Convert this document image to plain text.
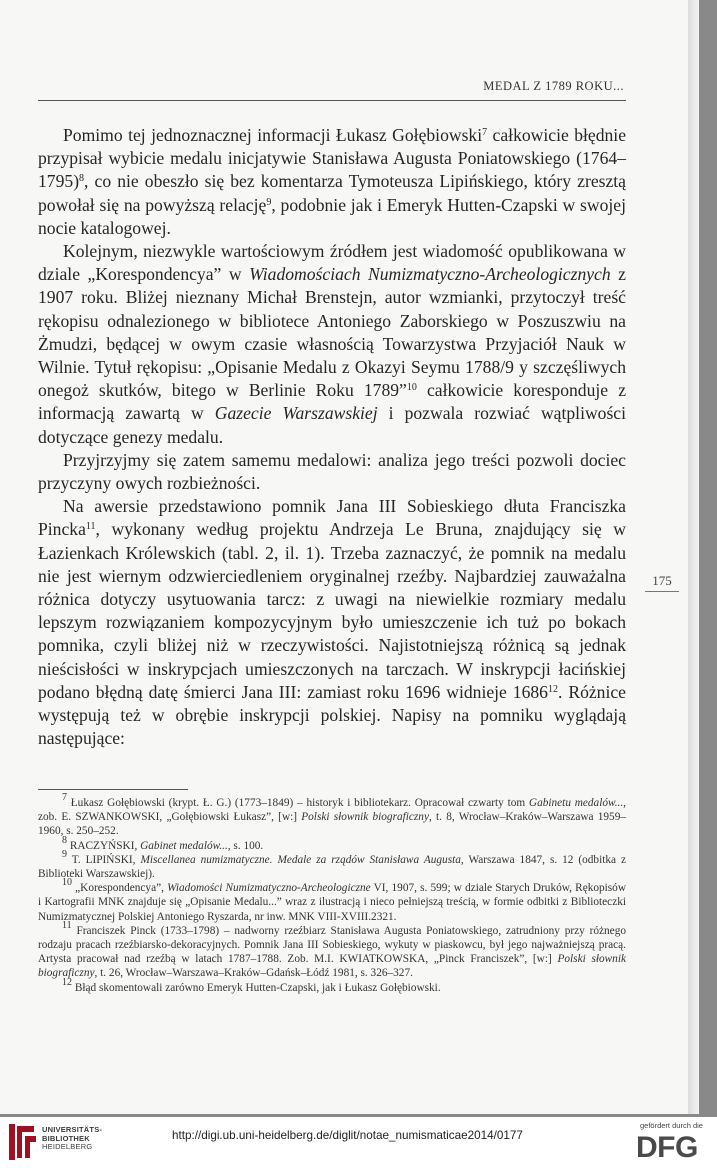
MEDAL Z 1789 ROKU...

Pomimo tej jednoznacznej informacji Łukasz Gołębiowski$^7$ całkowicie błędnie przypisał wybicie medalu inicjatywie Stanisława Augusta Poniatowskiego (1764–1795)$^8$, co nie obeszło się bez komentarza Tymoteusza Lipińskiego, który zresztą powołał się na powyższą relację$^9$, podobnie jak i Emeryk Hutten-Czapski w swojej nocie katalogowej.

Kolejnym, niezwykle wartościowym źródłem jest wiadomość opublikowana w dziale „Korespondencya” w Wiadomościach Numizmatyczno-Archeologicznych z 1907 roku. Bliżej nieznany Michał Brenstejn, autor wzmianki, przytoczył treść rękopisu odnalezionego w bibliotece Antoniego Zaborskiego w Poszuszwiu na Żmudzi, będącej w owym czasie własnością Towarzystwa Przyjaciół Nauk w Wilnie. Tytuł rękopisu: „Opisanie Medalu z Okazyi Seymu 1788/9 y szczęśliwych onegoż skutków, bitego w Berlinie Roku 1789”$^{10}$ całkowicie koresponduje z informacją zawartą w Gazecie Warszawskiej i pozwala rozwiać wątpliwości dotyczące genezy medalu.

Przyjrzyjmy się zatem samemu medalowi: analiza jego treści pozwoli dociec przyczyny owych rozbieżności.

Na awersie przedstawiono pomnik Jana III Sobieskiego dłuta Franciszka Pincka$^{11}$, wykonany według projektu Andrzeja Le Bruna, znajdujący się w Łazienkach Królewskich (tabl. 2, il. 1). Trzeba zaznaczyć, że pomnik na medalu nie jest wiernym odzwierciedleniem oryginalnej rzeźby. Najbardziej zauważalna różnica dotyczy usytuowania tarcz: z uwagi na niewielkie rozmiary medalu lepszym rozwiązaniem kompozycyjnym było umieszczenie ich tuż po bokach pomnika, czyli bliżej niż w rzeczywistości. Najistotniejszą różnicą są jednak nieścisłości w inskrypcjach umieszczonych na tarczach. W inskrypcji łacińskiej podano błędną datę śmierci Jana III: zamiast roku 1696 widnieje 1686$^{12}$. Różnice występują też w obrębie inskrypcji polskiej. Napisy na pomniku wyglądają następujące:

175

$^7$ Łukasz Gołębiowski (krypt. Ł. G.) (1773–1849) – historyk i bibliotekarz. Opracował czwarty tom Gabinetu medalów..., zob. E. SZWANKOWSKI, „Gołębiowski Łukasz”, [w:] Polski słownik biograficzny, t. 8, Wrocław–Kraków–Warszawa 1959–1960, s. 250–252.

$^8$ RACZYŃSKI, Gabinet medalów..., s. 100.

$^9$ T. LIPIŃSKI, Miscellanea numizmatyczne. Medale za rządów Stanisława Augusta, Warszawa 1847, s. 12 (odbitka z Biblioteki Warszawskiej).

$^{10}$ „Korespondencya”, Wiadomości Numizmatyczno-Archeologiczne VI, 1907, s. 599; w dziale Starych Druków, Rękopisów i Kartografii MNK znajduje się „Opisanie Medalu...” wraz z ilustracją i nieco pełniejszą treścią, w formie odbitki z Biblioteczki Numizmatycznej Polskiej Antoniego Ryszarda, nr inw. MNK VIII-XVIII.2321.

$^{11}$ Franciszek Pinck (1733–1798) – nadworny rzeźbiarz Stanisława Augusta Poniatowskiego, zatrudniony przy różnego rodzaju pracach rzeźbiarsko-dekoracyjnych. Pomnik Jana III Sobieskiego, wykuty w piaskowcu, był jego najważniejszą pracą. Artysta pracował nad rzeźbą w latach 1787–1788. Zob. M.I. KWIATKOWSKA, „Pinck Franciszek”, [w:] Polski słownik biograficzny, t. 26, Wrocław–Warszawa–Kraków–Gdańsk–Łódź 1981, s. 326–327.

$^{12}$ Błąd skomentowali zarówno Emeryk Hutten-Czapski, jak i Łukasz Gołębiowski.

UNIVERSITÄTS-
BIBLIOTHEK
HEIDELBERG
http://digi.ub.uni-heidelberg.de/diglit/notae_numismaticae2014/0177
gefördert durch die
DFG
